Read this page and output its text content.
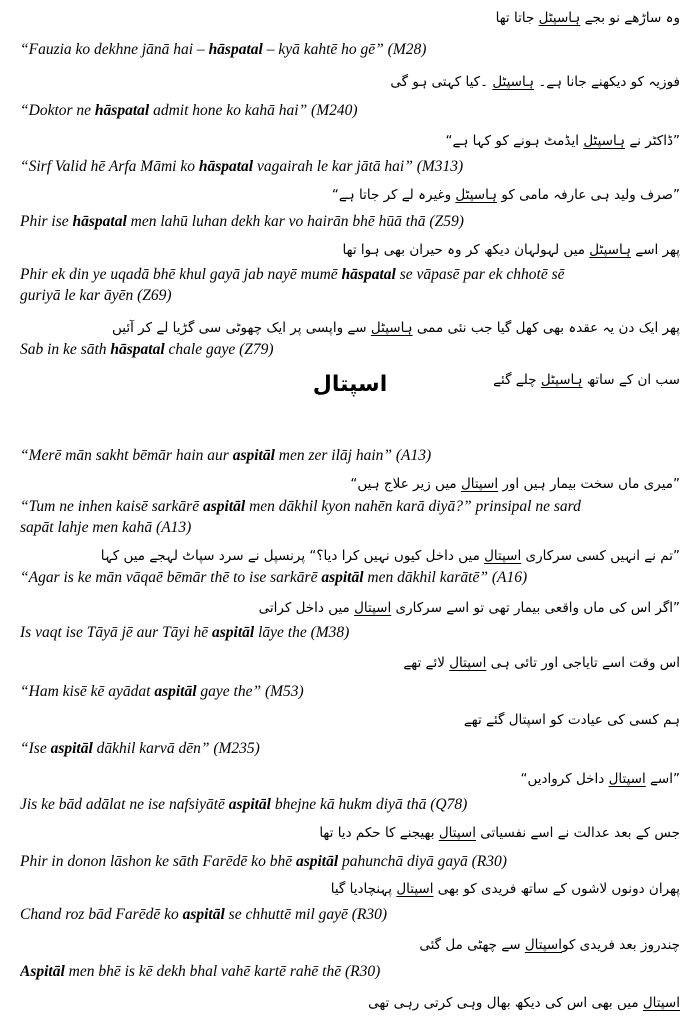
وہ ساڑھے نو بجے ہاسپٹل جاتا تھا
“Fauzia ko dekhne jānā hai – hāspatal – kyā kahtē ho gē” (M28)
فوزیہ کو دیکھنے جانا ہے۔ ہاسپٹل ۔کیا کہتی ہو گی
“Doktor ne hāspatal admit hone ko kahā hai” (M240)
”ڈاکٹر نے ہاسپٹل ایڈمٹ ہونے کو کہا ہے“
“Sirf Valid hē Arfa Māmi ko hāspatal vagairah le kar jātā hai” (M313)
”صرف ولید ہی عارفہ مامی کو ہاسپٹل وغیرہ لے کر جاتا ہے“
Phir ise hāspatal men lahū luhan dekh kar vo hairān bhē hūā thā (Z59)
پھر اسے ہاسپٹل میں لہولہان دیکھ کر وہ حیران بھی ہوا تھا
Phir ek din ye uqadā bhē khul gayā jab nayē mumē hāspatal se vāpasē par ek chhotē sē
guriyā le kar āyēn (Z69)
پھر ایک دن یہ عقدہ بھی کھل گیا جب نئی ممی ہاسپٹل سے واپسی پر ایک چھوٹی سی گڑیا لے کر آئیں
Sab in ke sāth hāspatal chale gaye (Z79)
سب ان کے ساتھ ہاسپٹل چلے گئے
اسپتال
“Merē mān sakht bēmār hain aur aspitāl men zer ilāj hain” (A13)
”میری ماں سخت بیمار ہیں اور اسپتال میں زیر علاج ہیں“
“Tum ne inhen kaisē sarkārē aspitāl men dākhil kyon nahēn karā diyā?” prinsipal ne sard
sapāt lahje men kahā (A13)
”تم نے انہیں کسی سرکاری اسپتال میں داخل کیوں نہیں کرا دیا؟“ پرنسپل نے سرد سپاٹ لہجے میں کہا
“Agar is ke mān vāqaē bēmār thē to ise sarkārē aspitāl men dākhil karātē” (A16)
”اگر اس کی ماں واقعی بیمار تھی تو اسے سرکاری اسپتال میں داخل کراتی
Is vaqt ise Tāyā jē aur Tāyi hē aspitāl lāye the (M38)
اس وقت اسے تایاجی اور تائی ہی اسپتال لائے تھے
“Ham kisē kē ayādat aspitāl gaye the” (M53)
ہم کسی کی عیادت کو اسپتال گئے تھے
“Ise aspitāl dākhil karvā dēn” (M235)
”اسے اسپتال داخل کروادیں“
Jis ke bād adālat ne ise nafsiyātē aspitāl bhejne kā hukm diyā thā (Q78)
جس کے بعد عدالت نے اسے نفسیاتی اسپتال بھیجنے کا حکم دیا تھا
Phir in donon lāshon ke sāth Farēdē ko bhē aspitāl pahunchā diyā gayā (R30)
پھران دونوں لاشوں کے ساتھ فریدی کو بھی اسپتال پہنچادیا گیا
Chand roz bād Farēdē ko aspitāl se chhuttē mil gayē (R30)
چندروز بعد فریدی کواسپتال سے چھٹی مل گئی
Aspitāl men bhē is kē dekh bhal vahē kartē rahē thē (R30)
اسپتال میں بھی اس کی دیکھ بھال وہی کرتی رہی تھی
